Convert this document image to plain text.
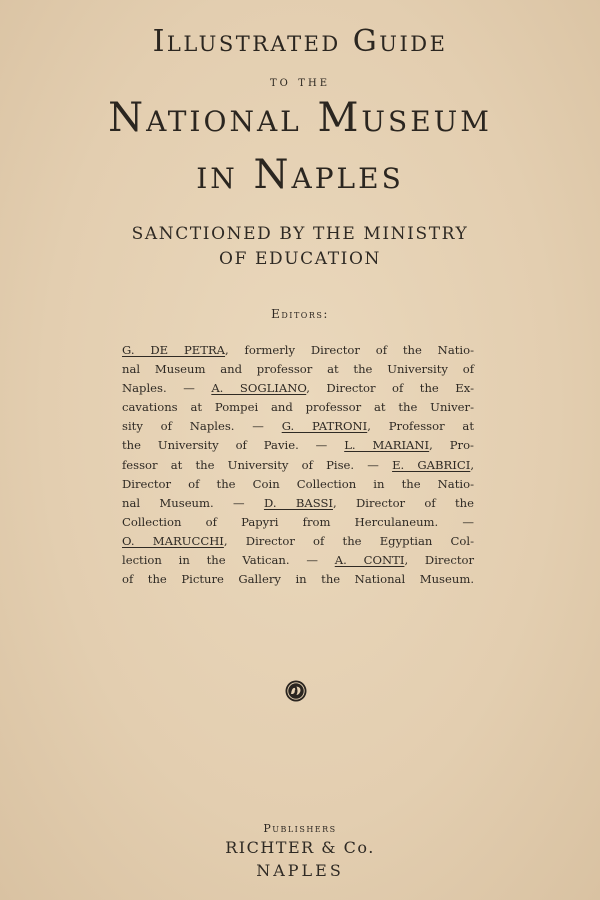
Illustrated Guide
to the
National Museum
in Naples
SANCTIONED BY THE MINISTRY
OF EDUCATION
Editors:
G. DE PETRA, formerly Director of the Natio-
nal Museum and professor at the University of
Naples. — A. SOGLIANO, Director of the Ex-
cavations at Pompei and professor at the Univer-
sity of Naples. — G. PATRONI, Professor at
the University of Pavie. — L. MARIANI, Pro-
fessor at the University of Pise. — E. GABRICI,
Director of the Coin Collection in the Natio-
nal Museum. — D. BASSI, Director of the
Collection of Papyri from Herculaneum. —
O. MARUCCHI, Director of the Egyptian Col-
lection in the Vatican. — A. CONTI, Director
of the Picture Gallery in the National Museum.
Publishers
RICHTER & Co.
NAPLES
